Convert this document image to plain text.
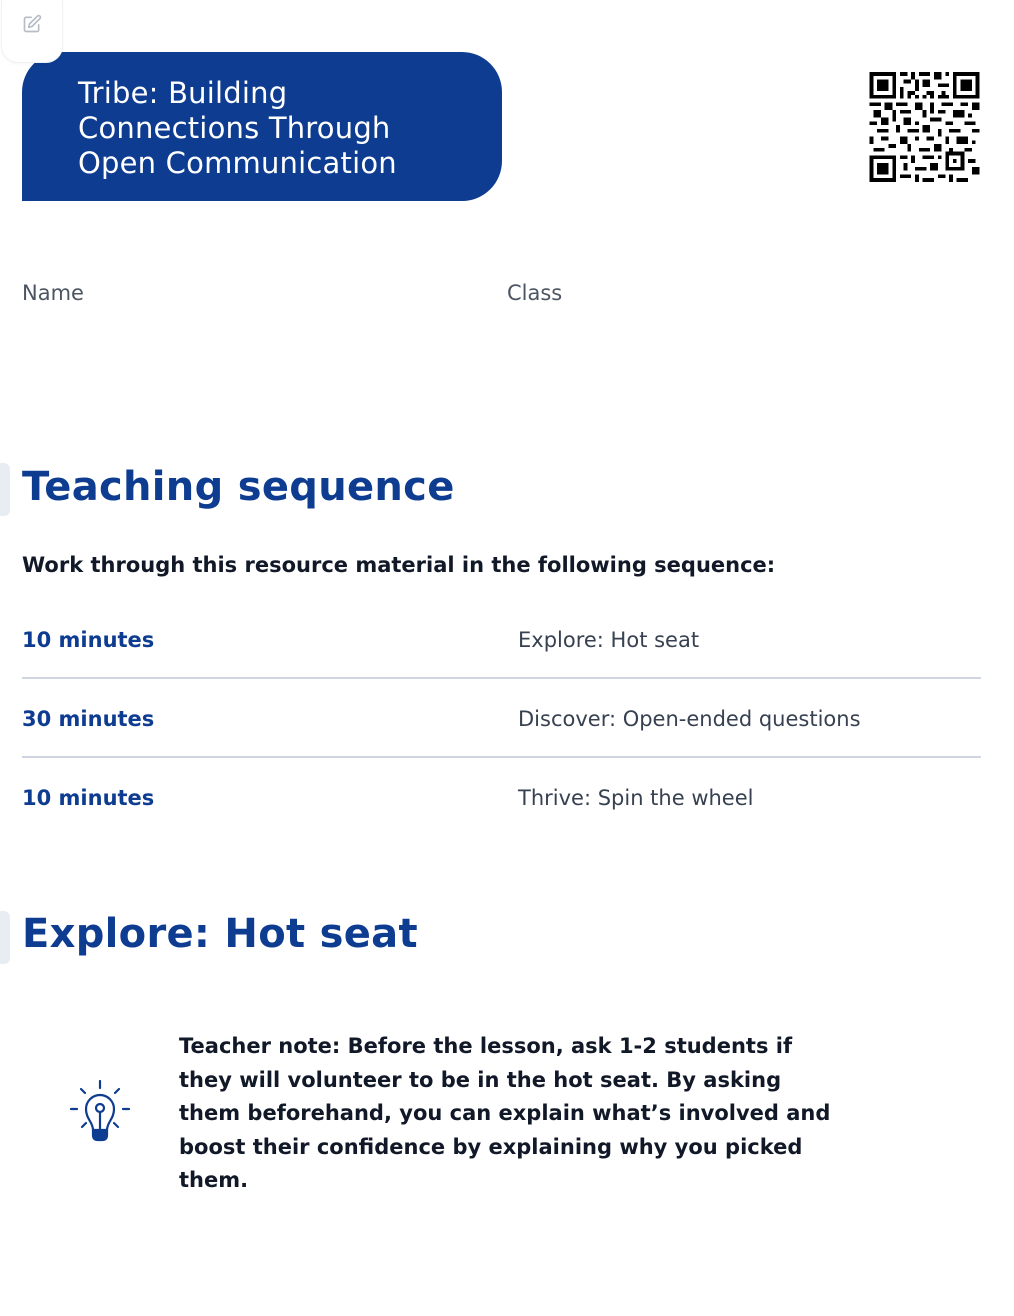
Tribe: Building
Connections Through
Open Communication
Name	Class
Teaching sequence
Work through this resource material in the following sequence:
10 minutes	Explore: Hot seat
30 minutes	Discover: Open-ended questions
10 minutes	Thrive: Spin the wheel
Explore: Hot seat

Teacher note: Before the lesson, ask 1-2 students if they will volunteer to be in the hot seat. By asking them beforehand, you can explain what’s involved and boost their confidence by explaining why you picked them.
